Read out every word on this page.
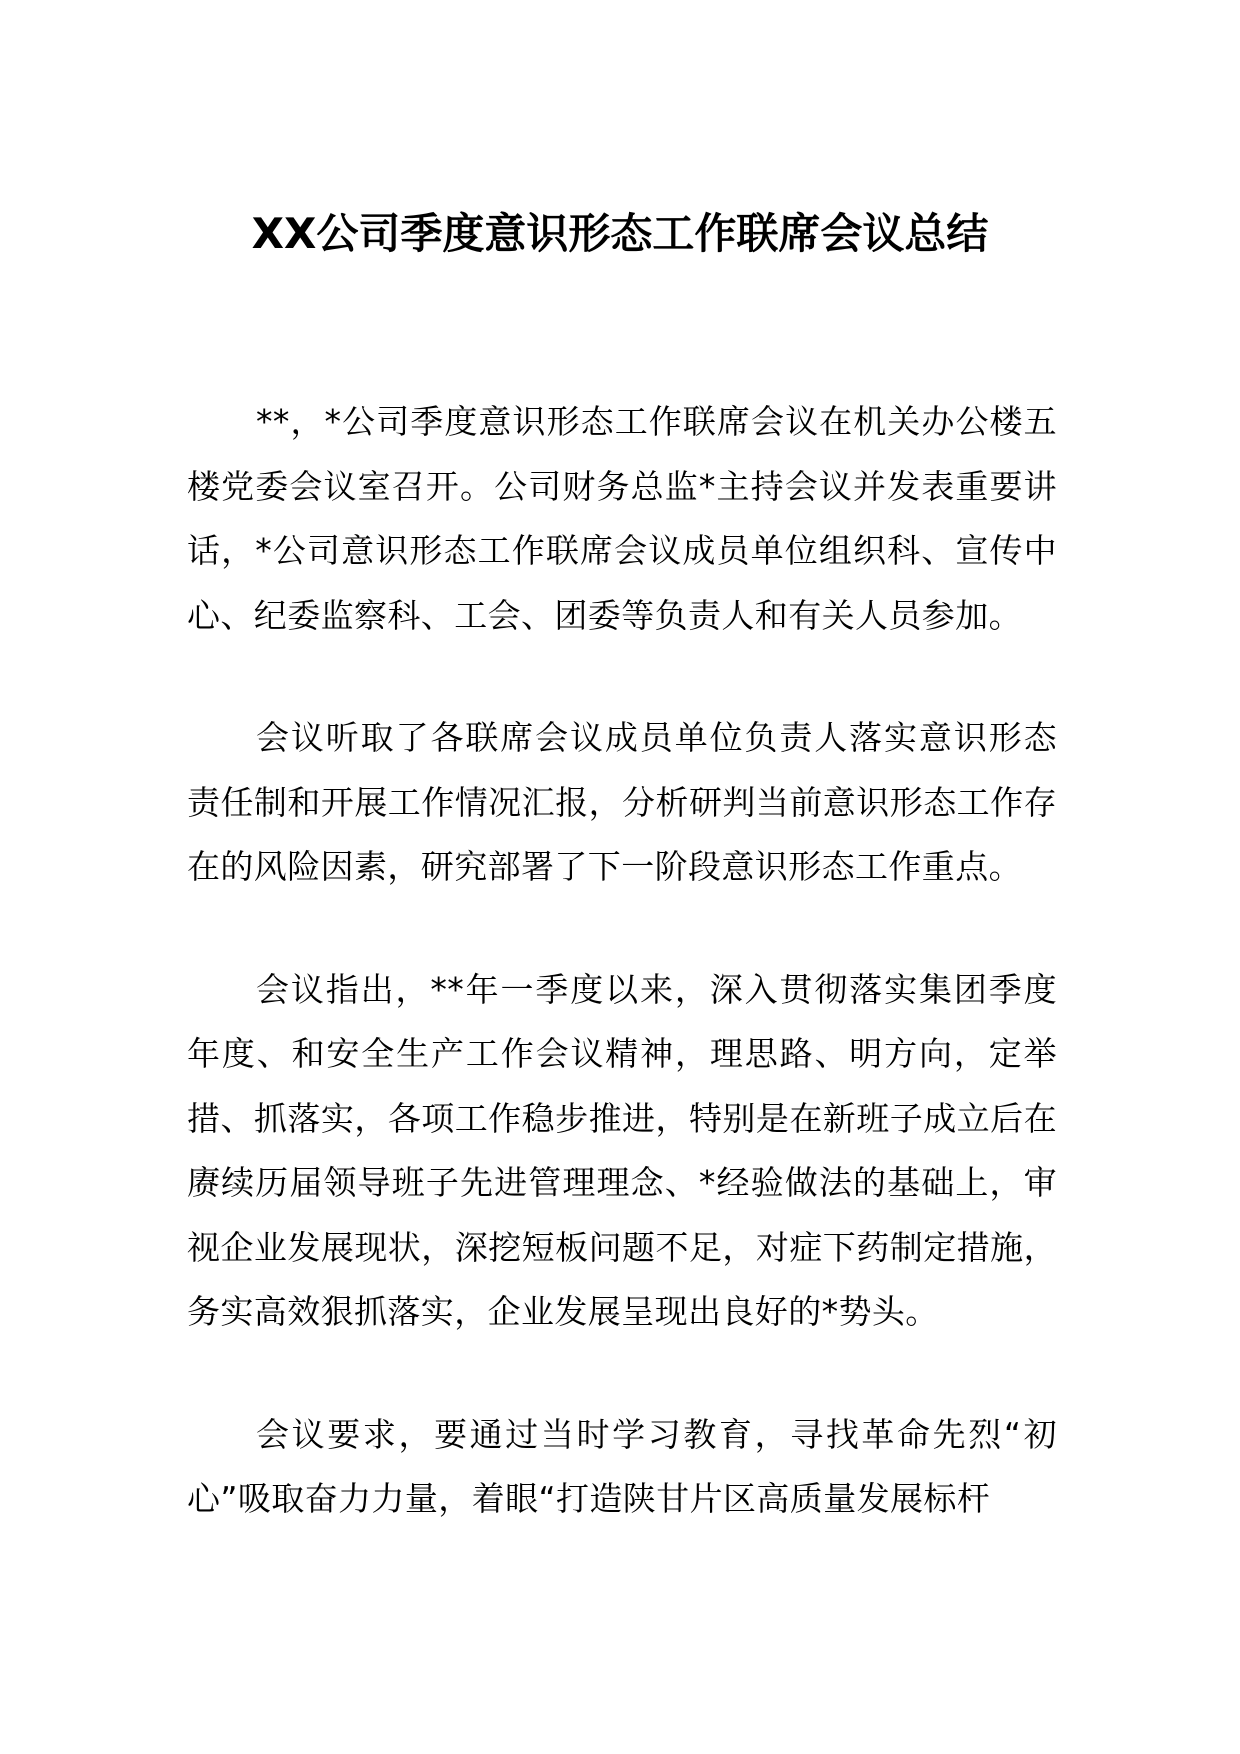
XX公司季度意识形态工作联席会议总结

**，*公司季度意识形态工作联席会议在机关办公楼五楼党委会议室召开。公司财务总监*主持会议并发表重要讲话，*公司意识形态工作联席会议成员单位组织科、宣传中心、纪委监察科、工会、团委等负责人和有关人员参加。

会议听取了各联席会议成员单位负责人落实意识形态责任制和开展工作情况汇报，分析研判当前意识形态工作存在的风险因素，研究部署了下一阶段意识形态工作重点。

会议指出，**年一季度以来，深入贯彻落实集团季度年度、和安全生产工作会议精神，理思路、明方向，定举措、抓落实，各项工作稳步推进，特别是在新班子成立后在赓续历届领导班子先进管理理念、*经验做法的基础上，审视企业发展现状，深挖短板问题不足，对症下药制定措施，务实高效狠抓落实，企业发展呈现出良好的*势头。

会议要求，要通过当时学习教育，寻找革命先烈“初心”吸取奋力力量，着眼“打造陕甘片区高质量发展标杆
